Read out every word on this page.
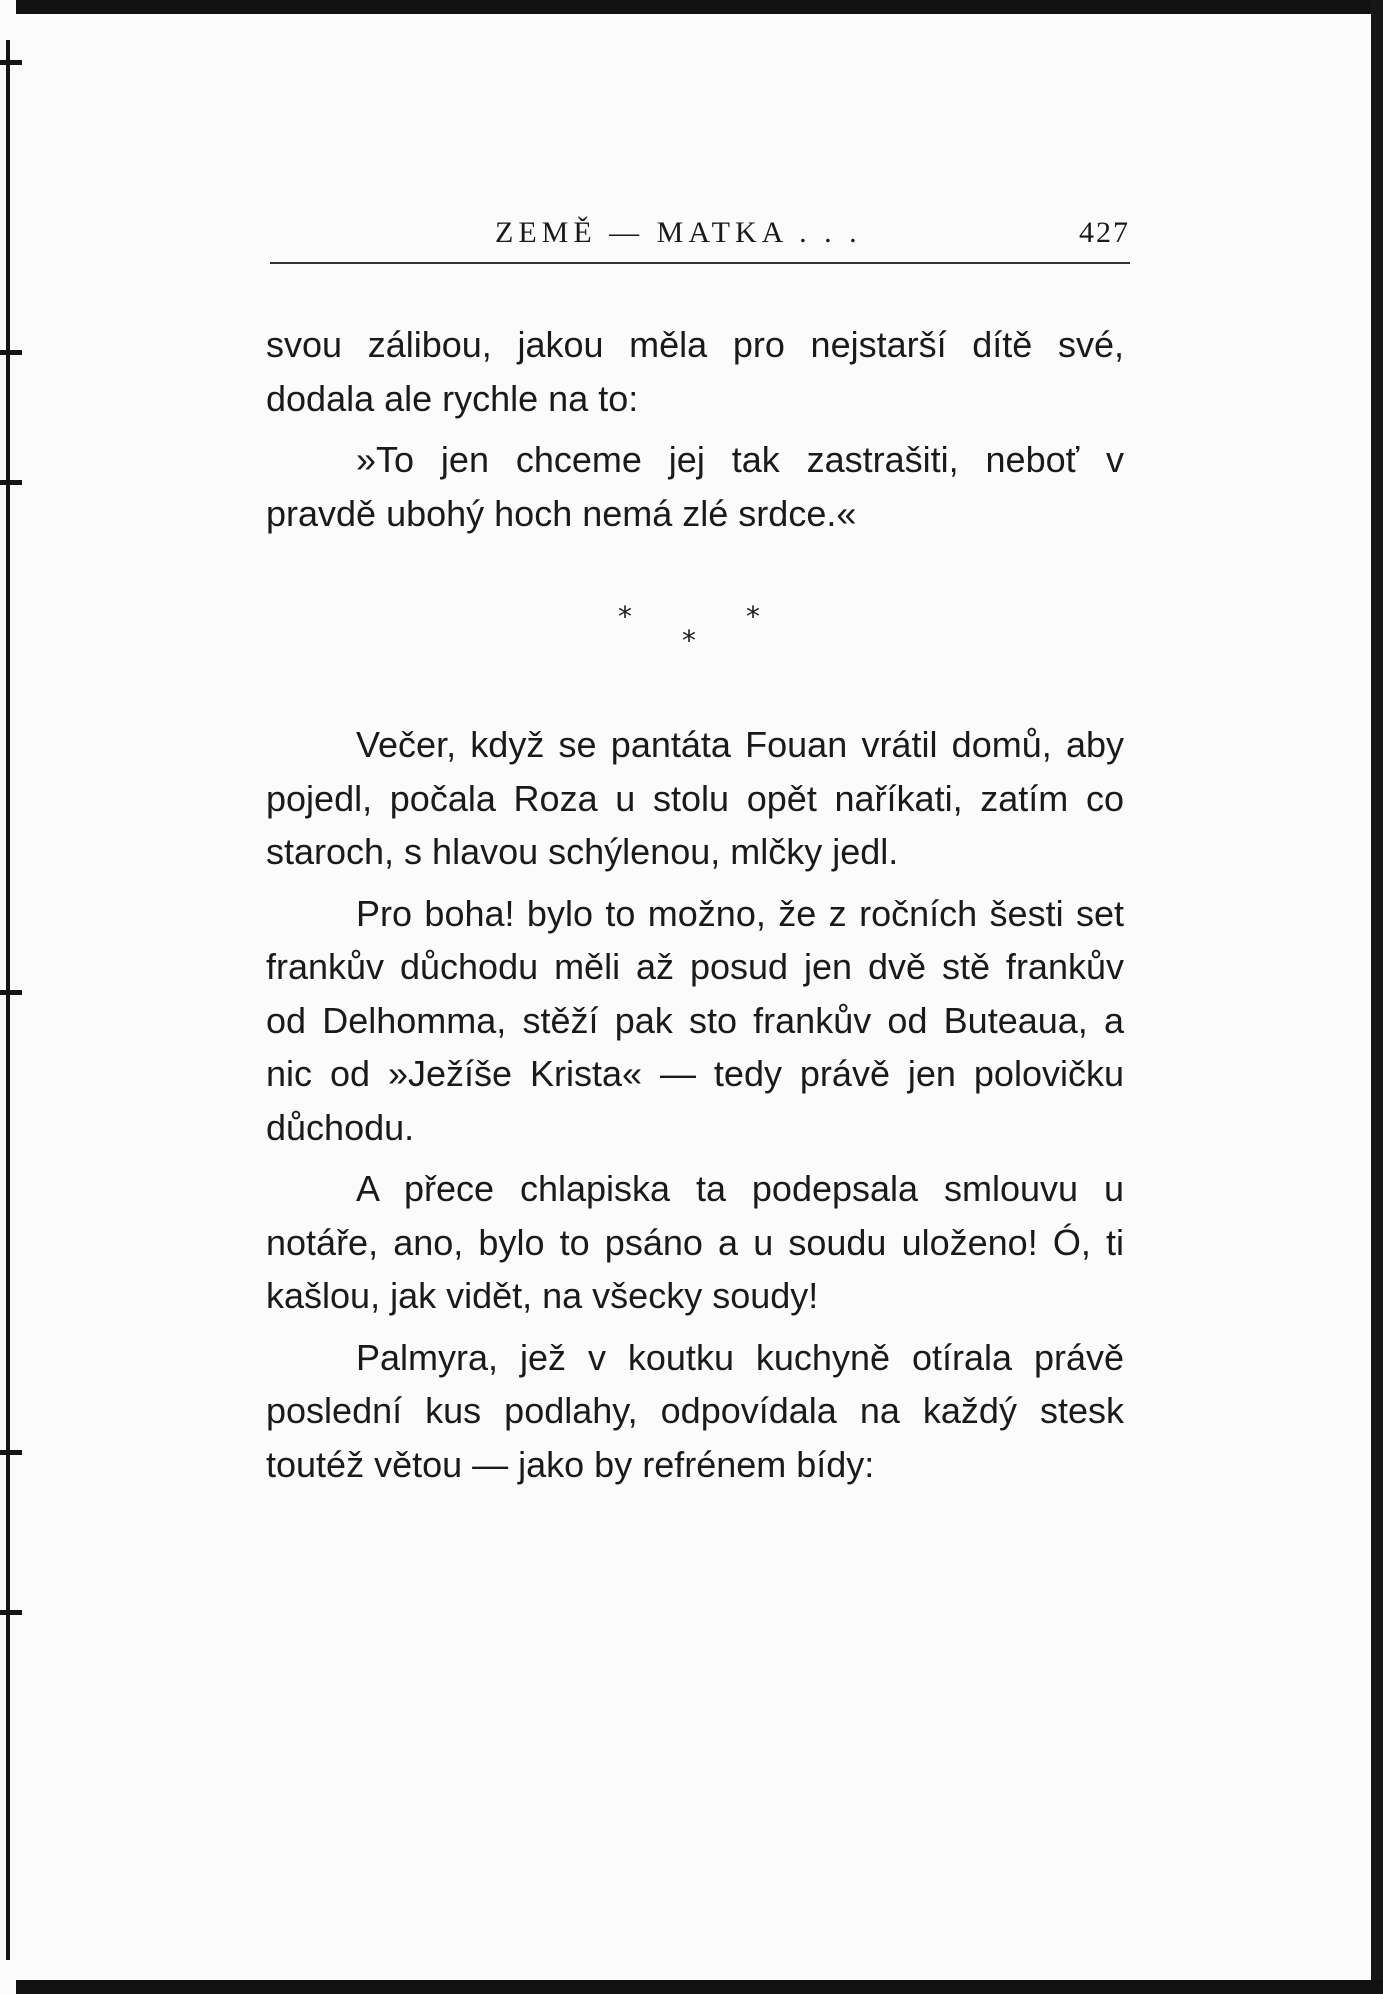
ZEMĚ — MATKA . . .	427

svou zálibou, jakou měla pro nejstarší dítě své, dodala ale rychle na to:

»To jen chceme jej tak zastrašiti, neboť v pravdě ubohý hoch nemá zlé srdce.«

Večer, když se pantáta Fouan vrátil domů, aby pojedl, počala Roza u stolu opět naříkati, zatím co staroch, s hlavou schýlenou, mlčky jedl.

Pro boha! bylo to možno, že z ročních šesti set frankův důchodu měli až posud jen dvě stě frankův od Delhomma, stěží pak sto frankův od Buteaua, a nic od »Ježíše Krista« — tedy právě jen polovičku důchodu.

A přece chlapiska ta podepsala smlouvu u notáře, ano, bylo to psáno a u soudu uloženo! Ó, ti kašlou, jak vidět, na všecky soudy!

Palmyra, jež v koutku kuchyně otírala právě poslední kus podlahy, odpovídala na každý stesk toutéž větou — jako by refrénem bídy:

*
*
*
